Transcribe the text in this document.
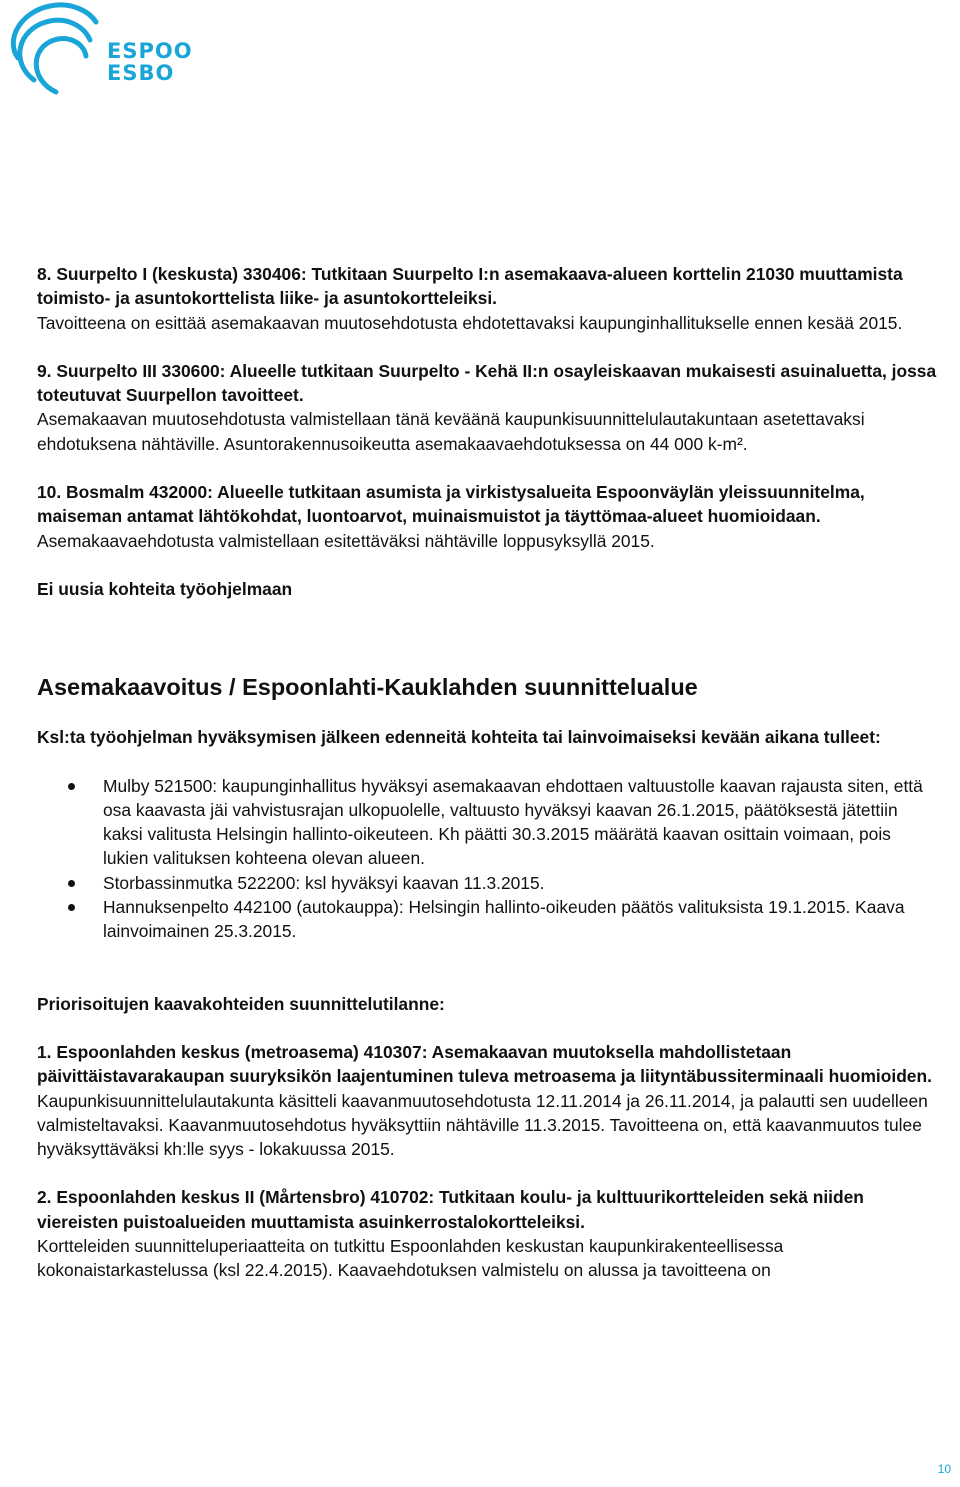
ESPOO
ESBO

8. Suurpelto I (keskusta) 330406: Tutkitaan Suurpelto I:n asemakaava-alueen korttelin 21030 muuttamista toimisto- ja asuntokorttelista liike- ja asuntokortteleiksi.

Tavoitteena on esittää asemakaavan muutosehdotusta ehdotettavaksi kaupunginhallitukselle ennen kesää 2015.

9. Suurpelto III 330600: Alueelle tutkitaan Suurpelto - Kehä II:n osayleiskaavan mukaisesti asuinaluetta, jossa toteutuvat Suurpellon tavoitteet.

Asemakaavan muutosehdotusta valmistellaan tänä keväänä kaupunkisuunnittelulautakuntaan asetettavaksi ehdotuksena nähtäville. Asuntorakennusoikeutta asemakaavaehdotuksessa on 44 000 k-m².

10. Bosmalm 432000: Alueelle tutkitaan asumista ja virkistysalueita Espoonväylän yleissuunnitelma, maiseman antamat lähtökohdat, luontoarvot, muinaismuistot ja täyttömaa-alueet huomioidaan.

Asemakaavaehdotusta valmistellaan esitettäväksi nähtäville loppusyksyllä 2015.

Ei uusia kohteita työohjelmaan

Asemakaavoitus / Espoonlahti-Kauklahden suunnittelualue

Ksl:ta työohjelman hyväksymisen jälkeen edenneitä kohteita tai lainvoimaiseksi kevään aikana tulleet:

Mulby 521500: kaupunginhallitus hyväksyi asemakaavan ehdottaen valtuustolle kaavan rajausta siten, että osa kaavasta jäi vahvistusrajan ulkopuolelle, valtuusto hyväksyi kaavan 26.1.2015, päätöksestä jätettiin kaksi valitusta Helsingin hallinto-oikeuteen. Kh päätti 30.3.2015 määrätä kaavan osittain voimaan, pois lukien valituksen kohteena olevan alueen.
Storbassinmutka 522200: ksl hyväksyi kaavan 11.3.2015.
Hannuksenpelto 442100 (autokauppa): Helsingin hallinto-oikeuden päätös valituksista 19.1.2015. Kaava lainvoimainen 25.3.2015.

Priorisoitujen kaavakohteiden suunnittelutilanne:

1. Espoonlahden keskus (metroasema) 410307: Asemakaavan muutoksella mahdollistetaan päivittäistavarakaupan suuryksikön laajentuminen tuleva metroasema ja liityntäbussiterminaali huomioiden.

Kaupunkisuunnittelulautakunta käsitteli kaavanmuutosehdotusta 12.11.2014 ja 26.11.2014, ja palautti sen uudelleen valmisteltavaksi. Kaavanmuutosehdotus hyväksyttiin nähtäville 11.3.2015. Tavoitteena on, että kaavanmuutos tulee hyväksyttäväksi kh:lle syys - lokakuussa 2015.

2. Espoonlahden keskus II (Mårtensbro) 410702: Tutkitaan koulu- ja kulttuurikortteleiden sekä niiden viereisten puistoalueiden muuttamista asuinkerrostalokortteleiksi.

Kortteleiden suunnitteluperiaatteita on tutkittu Espoonlahden keskustan kaupunkirakenteellisessa kokonaistarkastelussa (ksl 22.4.2015). Kaavaehdotuksen valmistelu on alussa ja tavoitteena on

10
